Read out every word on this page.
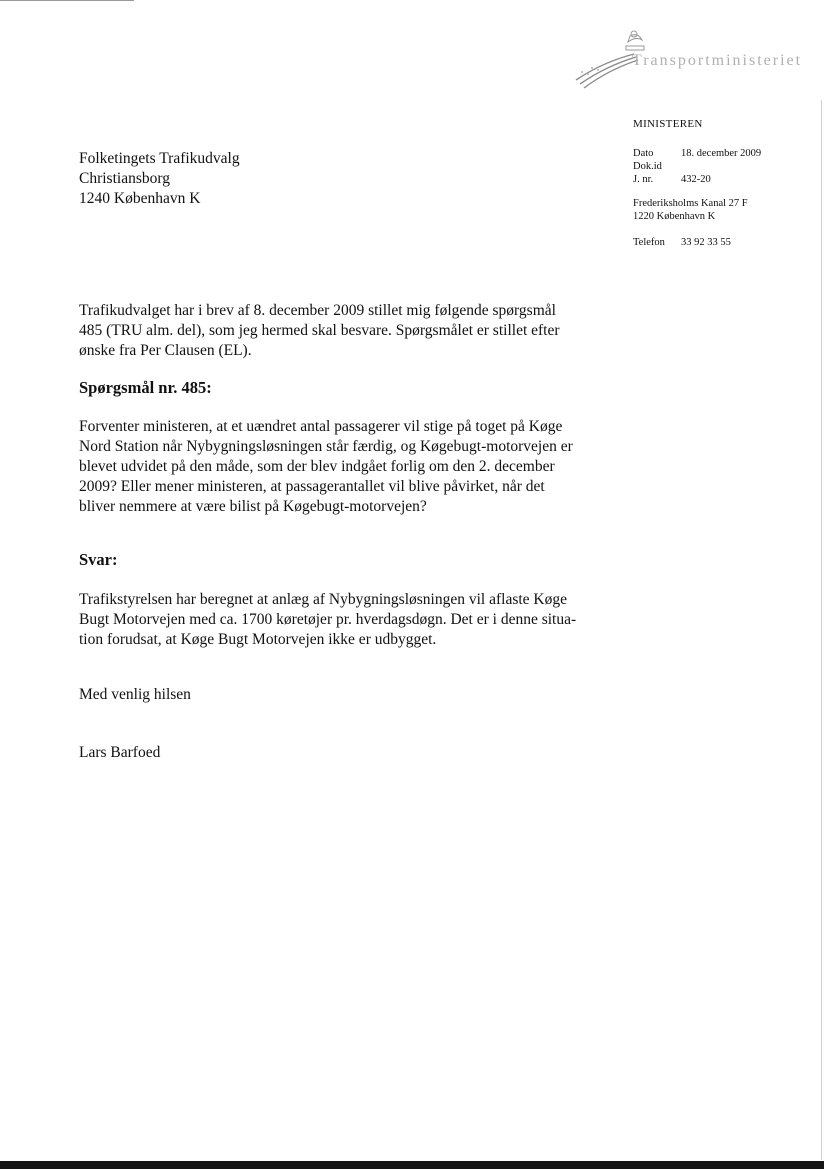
Transportministeriet
MINISTEREN
Dato	18. december 2009
Dok.id
J. nr.	432-20
Frederiksholms Kanal 27 F
1220 København K
Telefon 33 92 33 55
Folketingets Trafikudvalg
Christiansborg
1240 København K
Trafikudvalget har i brev af 8. december 2009 stillet mig følgende spørgsmål
485 (TRU alm. del), som jeg hermed skal besvare. Spørgsmålet er stillet efter
ønske fra Per Clausen (EL).
Spørgsmål nr. 485:
Forventer ministeren, at et uændret antal passagerer vil stige på toget på Køge
Nord Station når Nybygningsløsningen står færdig, og Køgebugt-motorvejen er
blevet udvidet på den måde, som der blev indgået forlig om den 2. december
2009? Eller mener ministeren, at passagerantallet vil blive påvirket, når det
bliver nemmere at være bilist på Køgebugt-motorvejen?
Svar:
Trafikstyrelsen har beregnet at anlæg af Nybygningsløsningen vil aflaste Køge
Bugt Motorvejen med ca. 1700 køretøjer pr. hverdagsdøgn. Det er i denne situa-
tion forudsat, at Køge Bugt Motorvejen ikke er udbygget.
Med venlig hilsen
Lars Barfoed
